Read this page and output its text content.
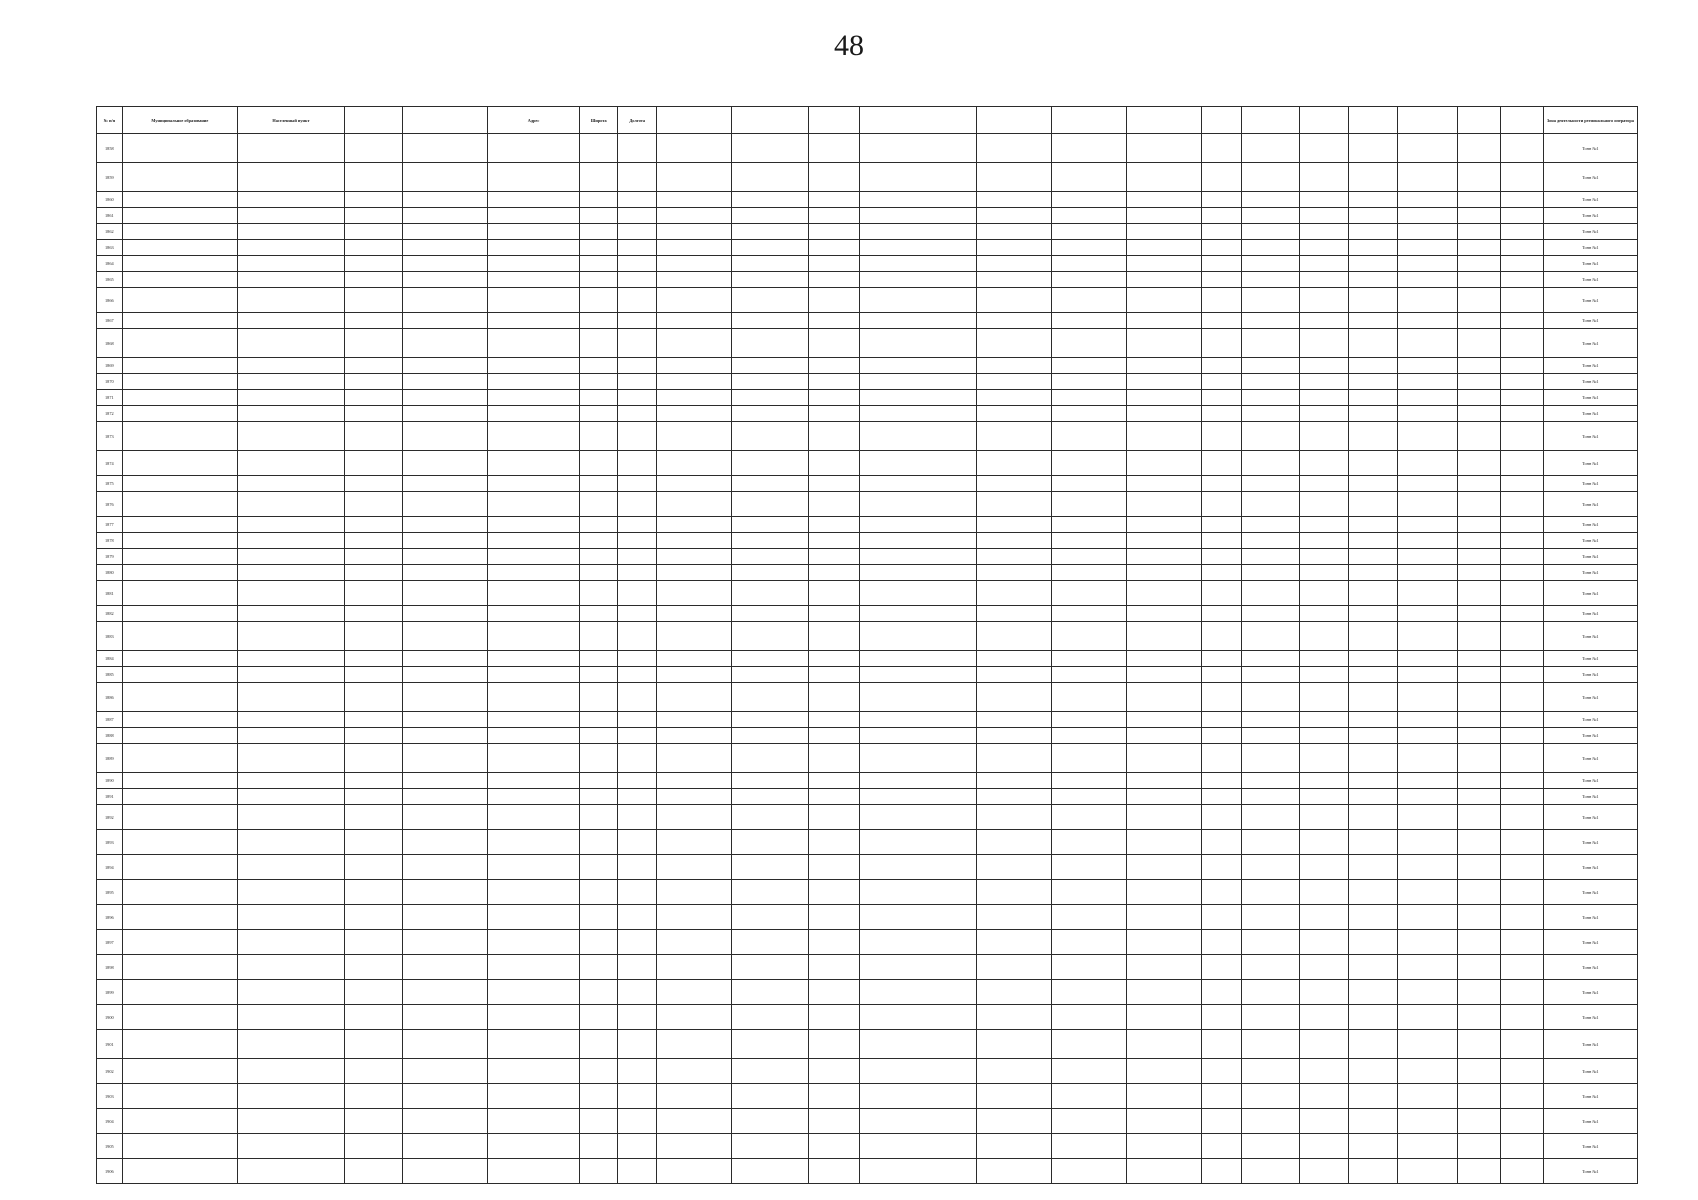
48
№ п/п	Муниципальное образование	Населенный пункт			Адрес	Широта	Долгота															Зона деятельности регионального оператора
1858																						Тонн №1
1859																						Тонн №1
1860																						Тонн №1
1861																						Тонн №1
1862																						Тонн №1
1863																						Тонн №1
1864																						Тонн №1
1865																						Тонн №1
1866																						Тонн №1
1867																						Тонн №1
1868																						Тонн №1
1869																						Тонн №1
1870																						Тонн №1
1871																						Тонн №1
1872																						Тонн №1
1873																						Тонн №1
1874																						Тонн №1
1875																						Тонн №1
1876																						Тонн №1
1877																						Тонн №1
1878																						Тонн №1
1879																						Тонн №1
1880																						Тонн №1
1881																						Тонн №1
1882																						Тонн №1
1883																						Тонн №1
1884																						Тонн №1
1885																						Тонн №1
1886																						Тонн №1
1887																						Тонн №1
1888																						Тонн №1
1889																						Тонн №1
1890																						Тонн №1
1891																						Тонн №1
1892																						Тонн №1
1893																						Тонн №1
1894																						Тонн №1
1895																						Тонн №1
1896																						Тонн №1
1897																						Тонн №1
1898																						Тонн №1
1899																						Тонн №1
1900																						Тонн №1
1901																						Тонн №1
1902																						Тонн №1
1903																						Тонн №1
1904																						Тонн №1
1905																						Тонн №1
1906																						Тонн №1
